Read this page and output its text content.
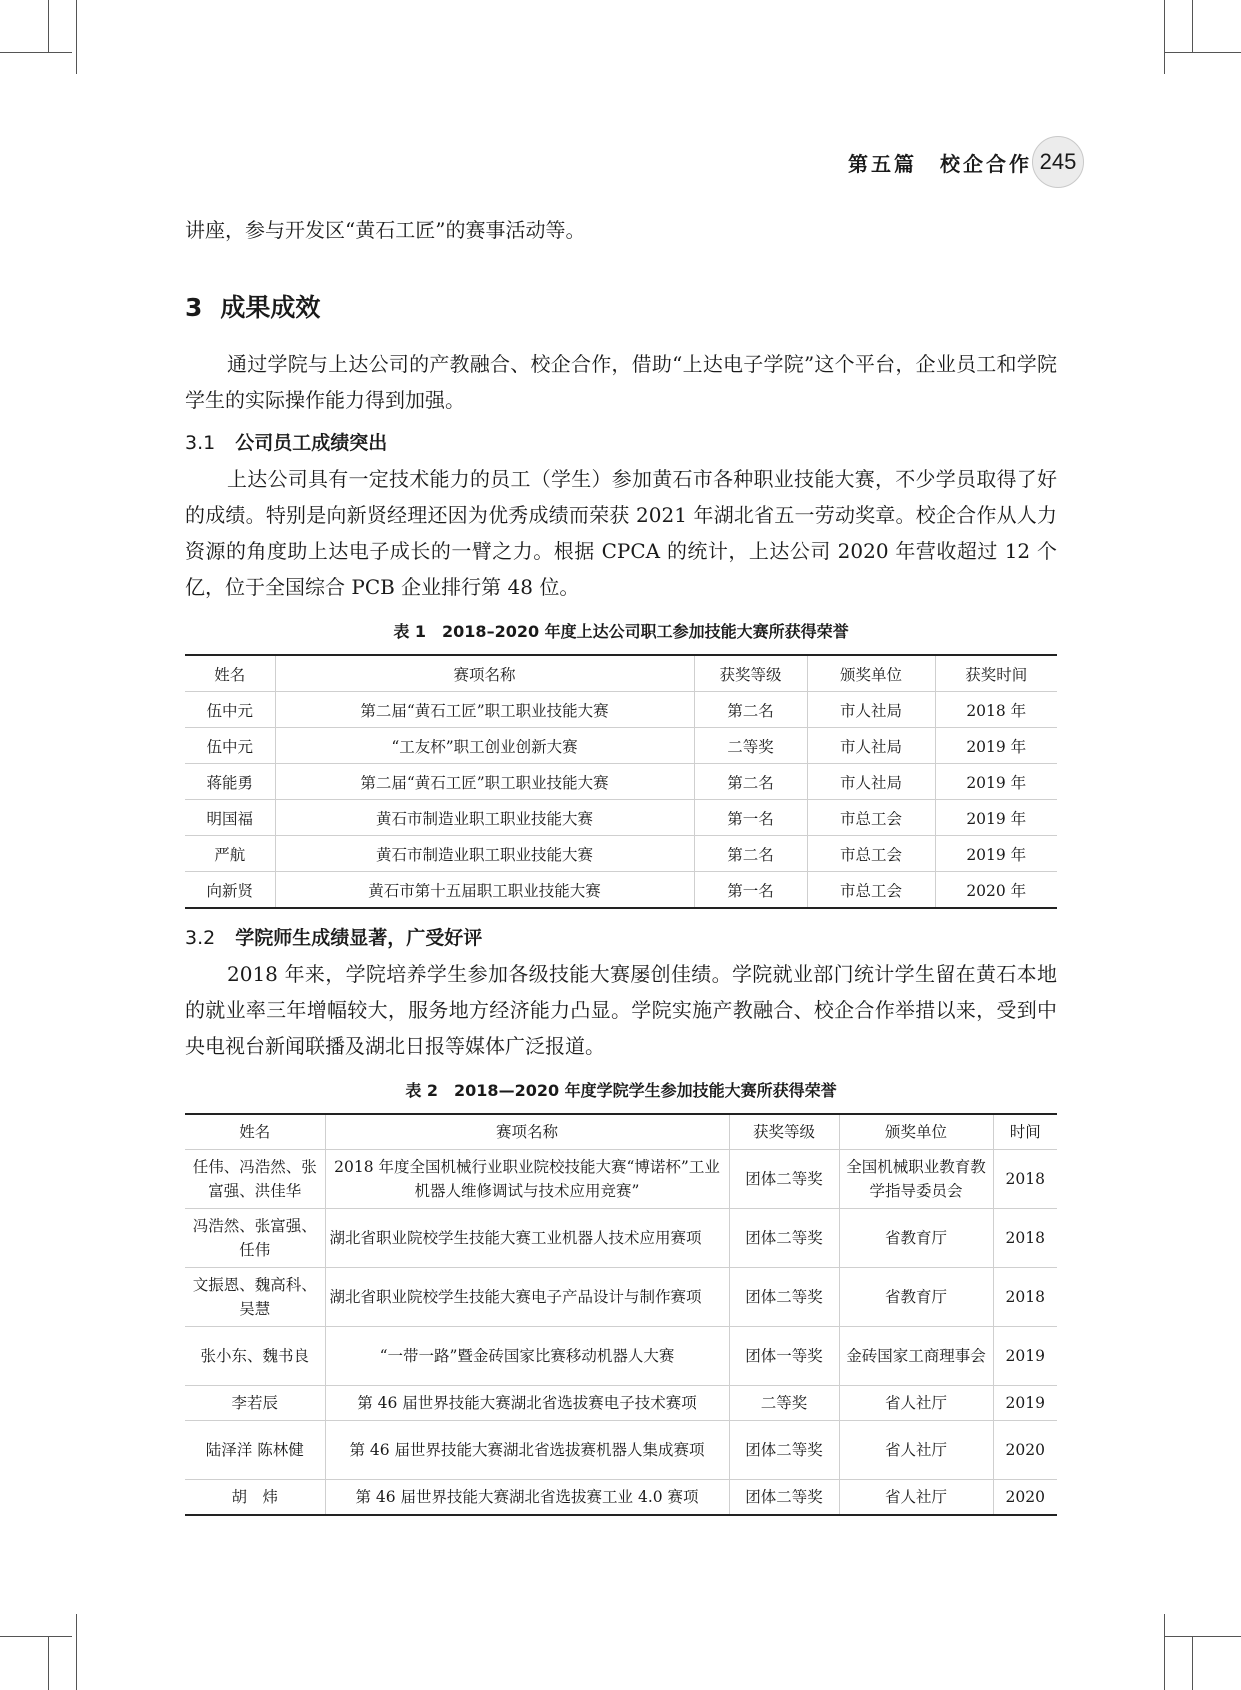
第五篇　校企合作 245

讲座，参与开发区“黄石工匠”的赛事活动等。

3 成果成效

通过学院与上达公司的产教融合、校企合作，借助“上达电子学院”这个平台，企业员工和学院学生的实际操作能力得到加强。

3.1 公司员工成绩突出

上达公司具有一定技术能力的员工（学生）参加黄石市各种职业技能大赛，不少学员取得了好的成绩。特别是向新贤经理还因为优秀成绩而荣获 2021 年湖北省五一劳动奖章。校企合作从人力资源的角度助上达电子成长的一臂之力。根据 CPCA 的统计，上达公司 2020 年营收超过 12 个亿，位于全国综合 PCB 企业排行第 48 位。

表 1　2018–2020 年度上达公司职工参加技能大赛所获得荣誉
姓名	赛项名称	获奖等级	颁奖单位	获奖时间
伍中元	第二届“黄石工匠”职工职业技能大赛	第二名	市人社局	2018 年
伍中元	“工友杯”职工创业创新大赛	二等奖	市人社局	2019 年
蒋能勇	第二届“黄石工匠”职工职业技能大赛	第二名	市人社局	2019 年
明国福	黄石市制造业职工职业技能大赛	第一名	市总工会	2019 年
严航	黄石市制造业职工职业技能大赛	第二名	市总工会	2019 年
向新贤	黄石市第十五届职工职业技能大赛	第一名	市总工会	2020 年
3.2 学院师生成绩显著，广受好评

2018 年来，学院培养学生参加各级技能大赛屡创佳绩。学院就业部门统计学生留在黄石本地的就业率三年增幅较大，服务地方经济能力凸显。学院实施产教融合、校企合作举措以来，受到中央电视台新闻联播及湖北日报等媒体广泛报道。

表 2　2018—2020 年度学院学生参加技能大赛所获得荣誉
姓名	赛项名称	获奖等级	颁奖单位	时间
任伟、冯浩然、张富强、洪佳华	2018 年度全国机械行业职业院校技能大赛“博诺杯”工业机器人维修调试与技术应用竞赛”	团体二等奖	全国机械职业教育教学指导委员会	2018
冯浩然、张富强、任伟	湖北省职业院校学生技能大赛工业机器人技术应用赛项	团体二等奖	省教育厅	2018
文振恩、魏高科、吴慧	湖北省职业院校学生技能大赛电子产品设计与制作赛项	团体二等奖	省教育厅	2018
张小东、魏书良	“一带一路”暨金砖国家比赛移动机器人大赛	团体一等奖	金砖国家工商理事会	2019
李若辰	第 46 届世界技能大赛湖北省选拔赛电子技术赛项	二等奖	省人社厅	2019
陆泽洋 陈林健	第 46 届世界技能大赛湖北省选拔赛机器人集成赛项	团体二等奖	省人社厅	2020
胡　炜	第 46 届世界技能大赛湖北省选拔赛工业 4.0 赛项	团体二等奖	省人社厅	2020
